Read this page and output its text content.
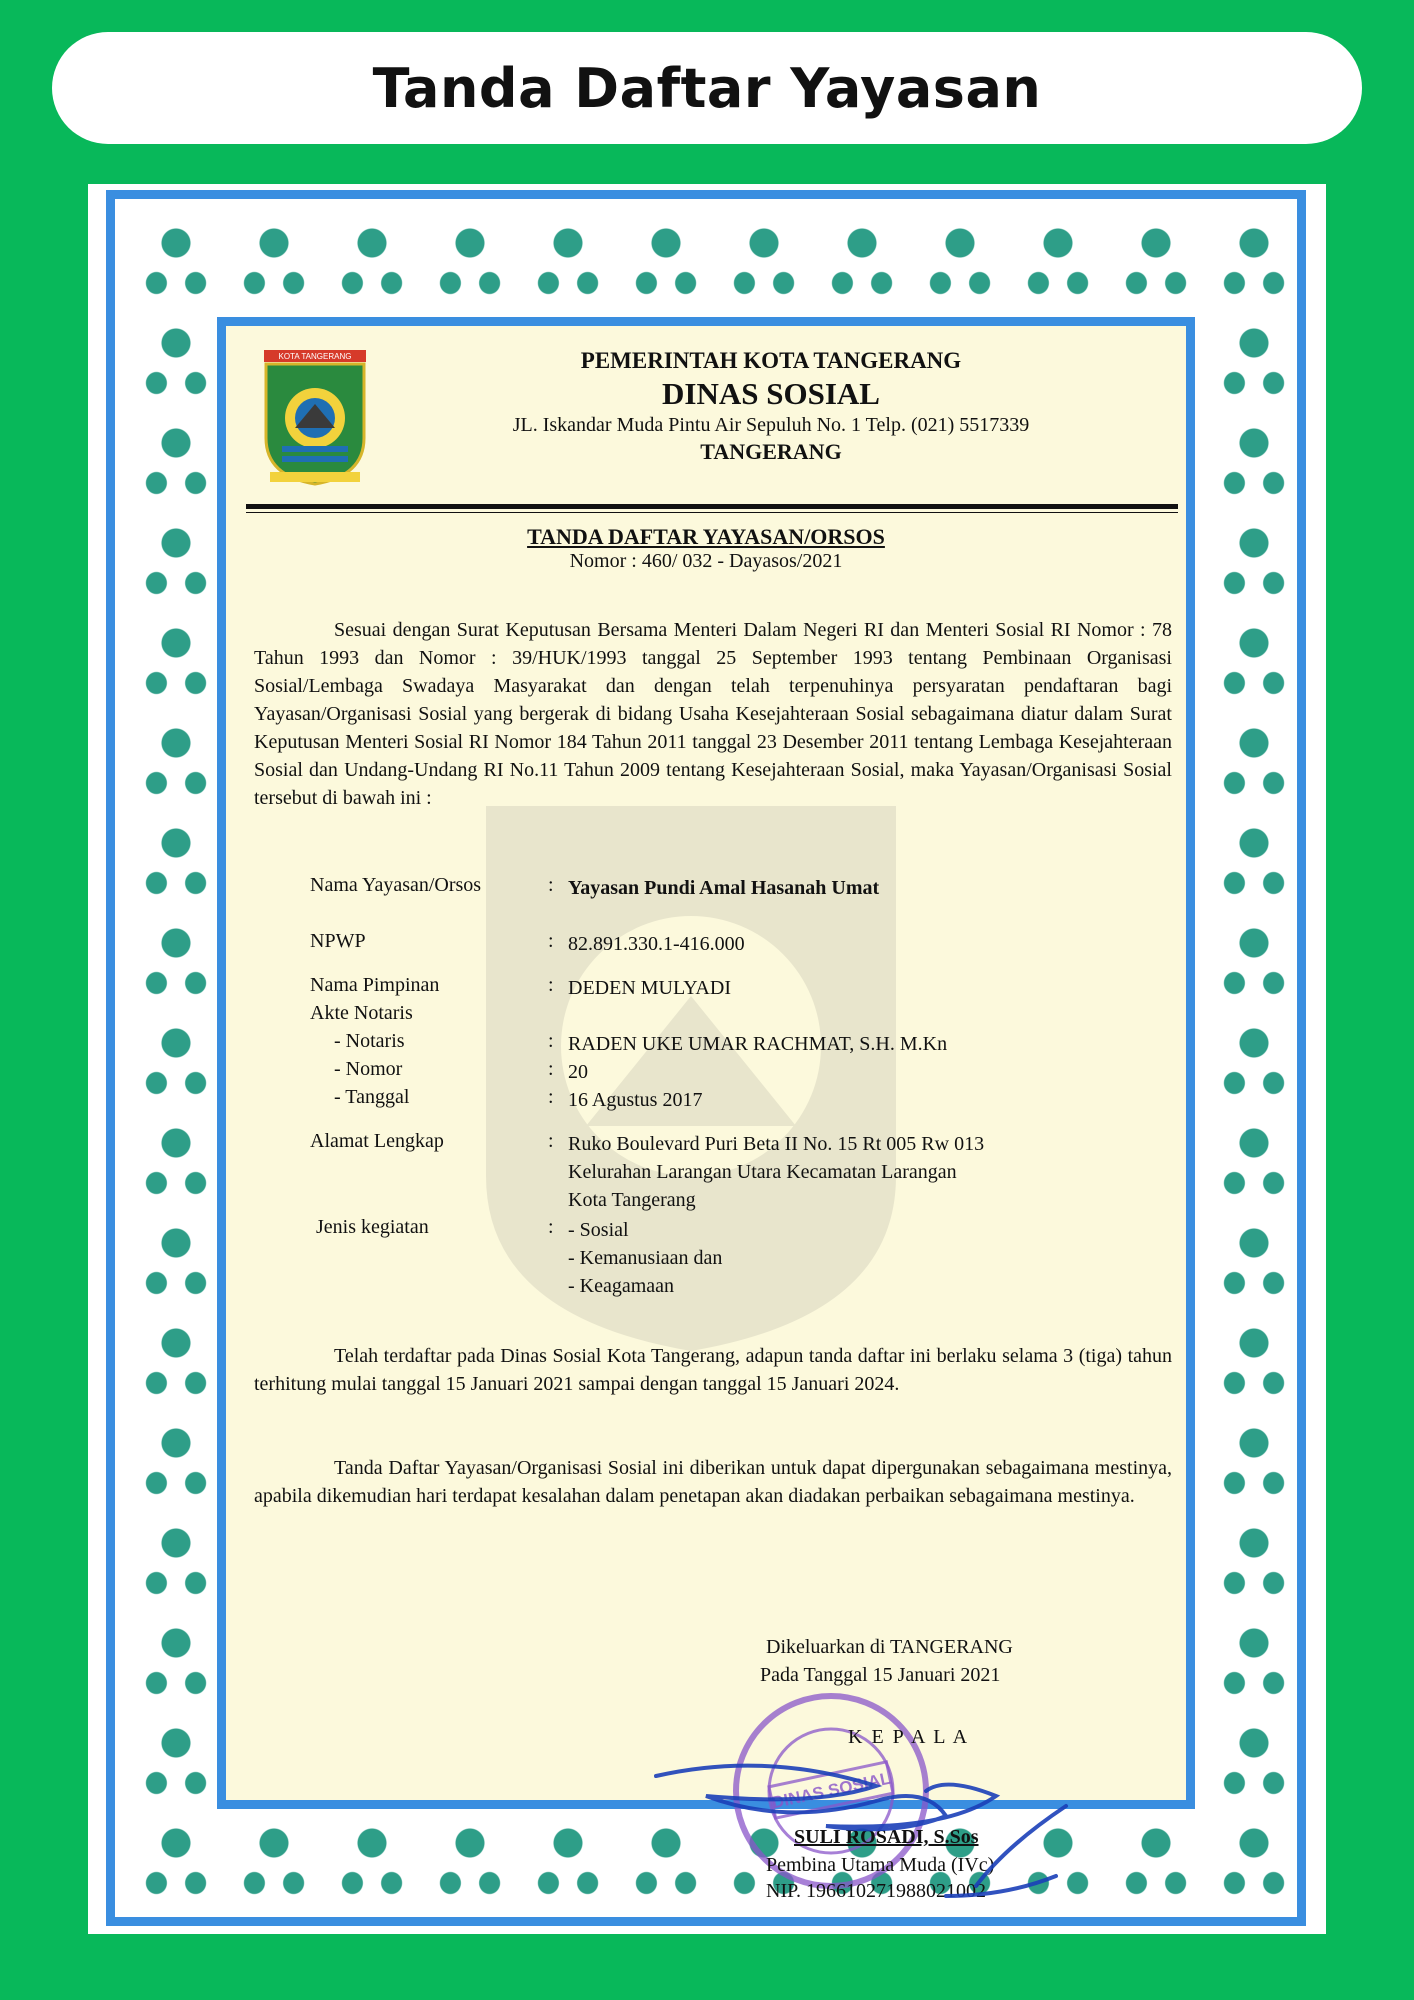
Tanda Daftar Yayasan
KOTA TANGERANG	PEMERINTAH KOTA TANGERANG
DINAS SOSIAL
JL. Iskandar Muda Pintu Air Sepuluh No. 1 Telp. (021) 5517339
TANGERANG
TANDA DAFTAR YAYASAN/ORSOS
Nomor : 460/ 032 - Dayasos/2021
Sesuai dengan Surat Keputusan Bersama Menteri Dalam Negeri RI dan Menteri Sosial RI Nomor : 78 Tahun 1993 dan Nomor : 39/HUK/1993 tanggal 25 September 1993 tentang Pembinaan Organisasi Sosial/Lembaga Swadaya Masyarakat dan dengan telah terpenuhinya persyaratan pendaftaran bagi Yayasan/Organisasi Sosial yang bergerak di bidang Usaha Kesejahteraan Sosial sebagaimana diatur dalam Surat Keputusan Menteri Sosial RI Nomor 184 Tahun 2011 tanggal 23 Desember 2011 tentang Lembaga Kesejahteraan Sosial dan Undang-Undang RI No.11 Tahun 2009 tentang Kesejahteraan Sosial, maka Yayasan/Organisasi Sosial tersebut di bawah ini :
Nama Yayasan/Orsos	: Yayasan Pundi Amal Hasanah Umat
NPWP	: 82.891.330.1-416.000
Nama Pimpinan	: DEDEN MULYADI
Akte Notaris
- Notaris	: RADEN UKE UMAR RACHMAT, S.H. M.Kn
- Nomor	: 20
- Tanggal	: 16 Agustus 2017
Alamat Lengkap	: Ruko Boulevard Puri Beta II No. 15 Rt 005 Rw 013
Kelurahan Larangan Utara Kecamatan Larangan
Kota Tangerang
Jenis kegiatan	: - Sosial
- Kemanusiaan dan
- Keagamaan
Telah terdaftar pada Dinas Sosial Kota Tangerang, adapun tanda daftar ini berlaku selama 3 (tiga) tahun terhitung mulai tanggal 15 Januari 2021 sampai dengan tanggal 15 Januari 2024.
Tanda Daftar Yayasan/Organisasi Sosial ini diberikan untuk dapat dipergunakan sebagaimana mestinya, apabila dikemudian hari terdapat kesalahan dalam penetapan akan diadakan perbaikan sebagaimana mestinya.
DINAS SOSIAL
Dikeluarkan di TANGERANG
Pada Tanggal 15 Januari 2021
K E P A L A
SULI ROSADI, S.Sos
Pembina Utama Muda (IVc)
NIP. 196610271988021002
